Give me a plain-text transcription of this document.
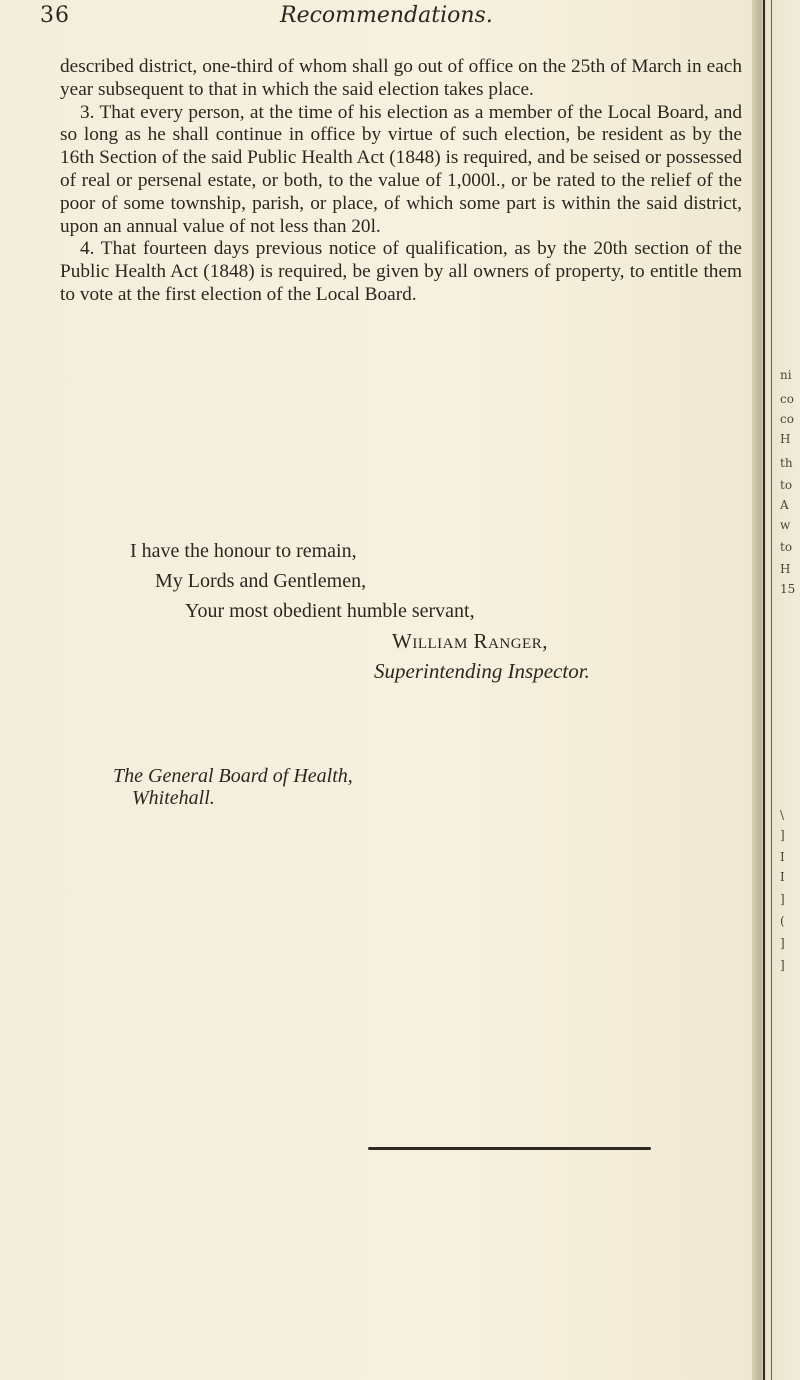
ni
co
co
H
th
to
A
w
to
H
15
\
]
I
I
]
(
]
]
36	Recommendations.

described district, one-third of whom shall go out of office on the 25th of March in each year subsequent to that in which the said election takes place.

3. That every person, at the time of his election as a member of the Local Board, and so long as he shall continue in office by virtue of such election, be resident as by the 16th Section of the said Public Health Act (1848) is required, and be seised or possessed of real or persenal estate, or both, to the value of 1,000l., or be rated to the relief of the poor of some township, parish, or place, of which some part is within the said district, upon an annual value of not less than 20l.

4. That fourteen days previous notice of qualification, as by the 20th section of the Public Health Act (1848) is required, be given by all owners of property, to entitle them to vote at the first election of the Local Board.

I have the honour to remain,
My Lords and Gentlemen,
Your most obedient humble servant,
William Ranger,
Superintending Inspector.
The General Board of Health,
Whitehall.
